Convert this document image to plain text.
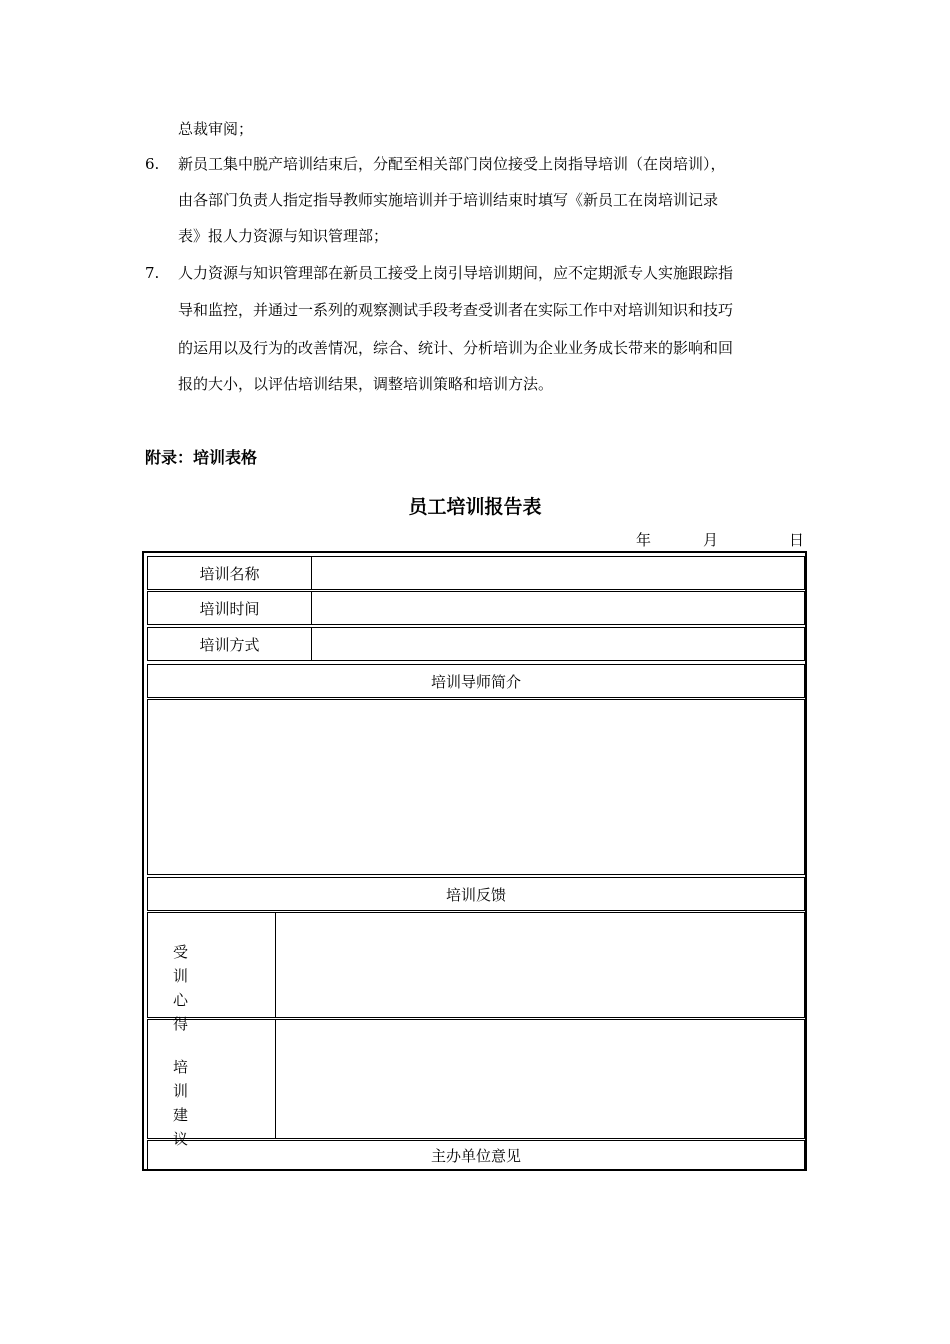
总裁审阅；
6. 新员工集中脱产培训结束后，分配至相关部门岗位接受上岗指导培训（在岗培训），
由各部门负责人指定指导教师实施培训并于培训结束时填写《新员工在岗培训记录
表》报人力资源与知识管理部；
7. 人力资源与知识管理部在新员工接受上岗引导培训期间，应不定期派专人实施跟踪指
导和监控，并通过一系列的观察测试手段考查受训者在实际工作中对培训知识和技巧
的运用以及行为的改善情况，综合、统计、分析培训为企业业务成长带来的影响和回
报的大小，以评估培训结果，调整培训策略和培训方法。
附录：培训表格
员工培训报告表
年	月	日
培训名称
培训时间
培训方式
培训导师简介
培训反馈
受训
心得
培训
建议
主办单位意见
